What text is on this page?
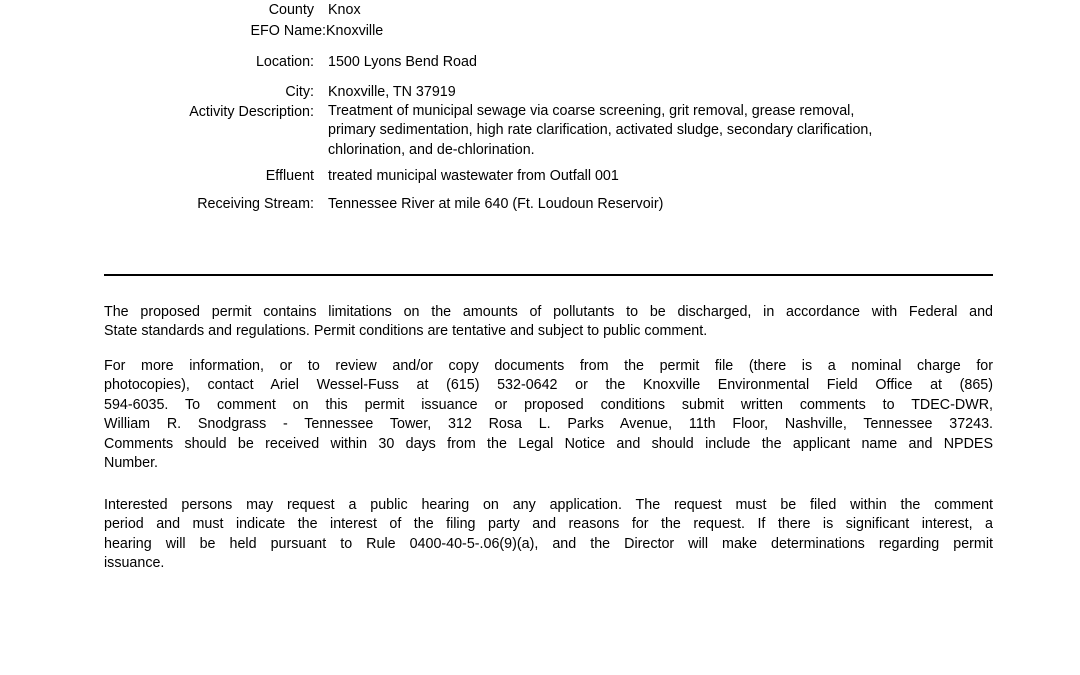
County Knox
EFO Name: Knoxville
Location: 1500 Lyons Bend Road
City: Knoxville, TN 37919
Activity Description: Treatment of municipal sewage via coarse screening, grit removal, grease removal,
primary sedimentation, high rate clarification, activated sludge, secondary clarification,
chlorination, and de-chlorination.
Effluent treated municipal wastewater from Outfall 001
Receiving Stream: Tennessee River at mile 640 (Ft. Loudoun Reservoir)
The proposed permit contains limitations on the amounts of pollutants to be discharged, in accordance with Federal and
State standards and regulations. Permit conditions are tentative and subject to public comment.
For more information, or to review and/or copy documents from the permit file (there is a nominal charge for
photocopies), contact Ariel Wessel-Fuss at (615) 532-0642 or the Knoxville Environmental Field Office at (865)
594-6035. To comment on this permit issuance or proposed conditions submit written comments to TDEC-DWR,
William R. Snodgrass - Tennessee Tower, 312 Rosa L. Parks Avenue, 11th Floor, Nashville, Tennessee 37243.
Comments should be received within 30 days from the Legal Notice and should include the applicant name and NPDES
Number.
Interested persons may request a public hearing on any application. The request must be filed within the comment
period and must indicate the interest of the filing party and reasons for the request. If there is significant interest, a
hearing will be held pursuant to Rule 0400-40-5-.06(9)(a), and the Director will make determinations regarding permit
issuance.
